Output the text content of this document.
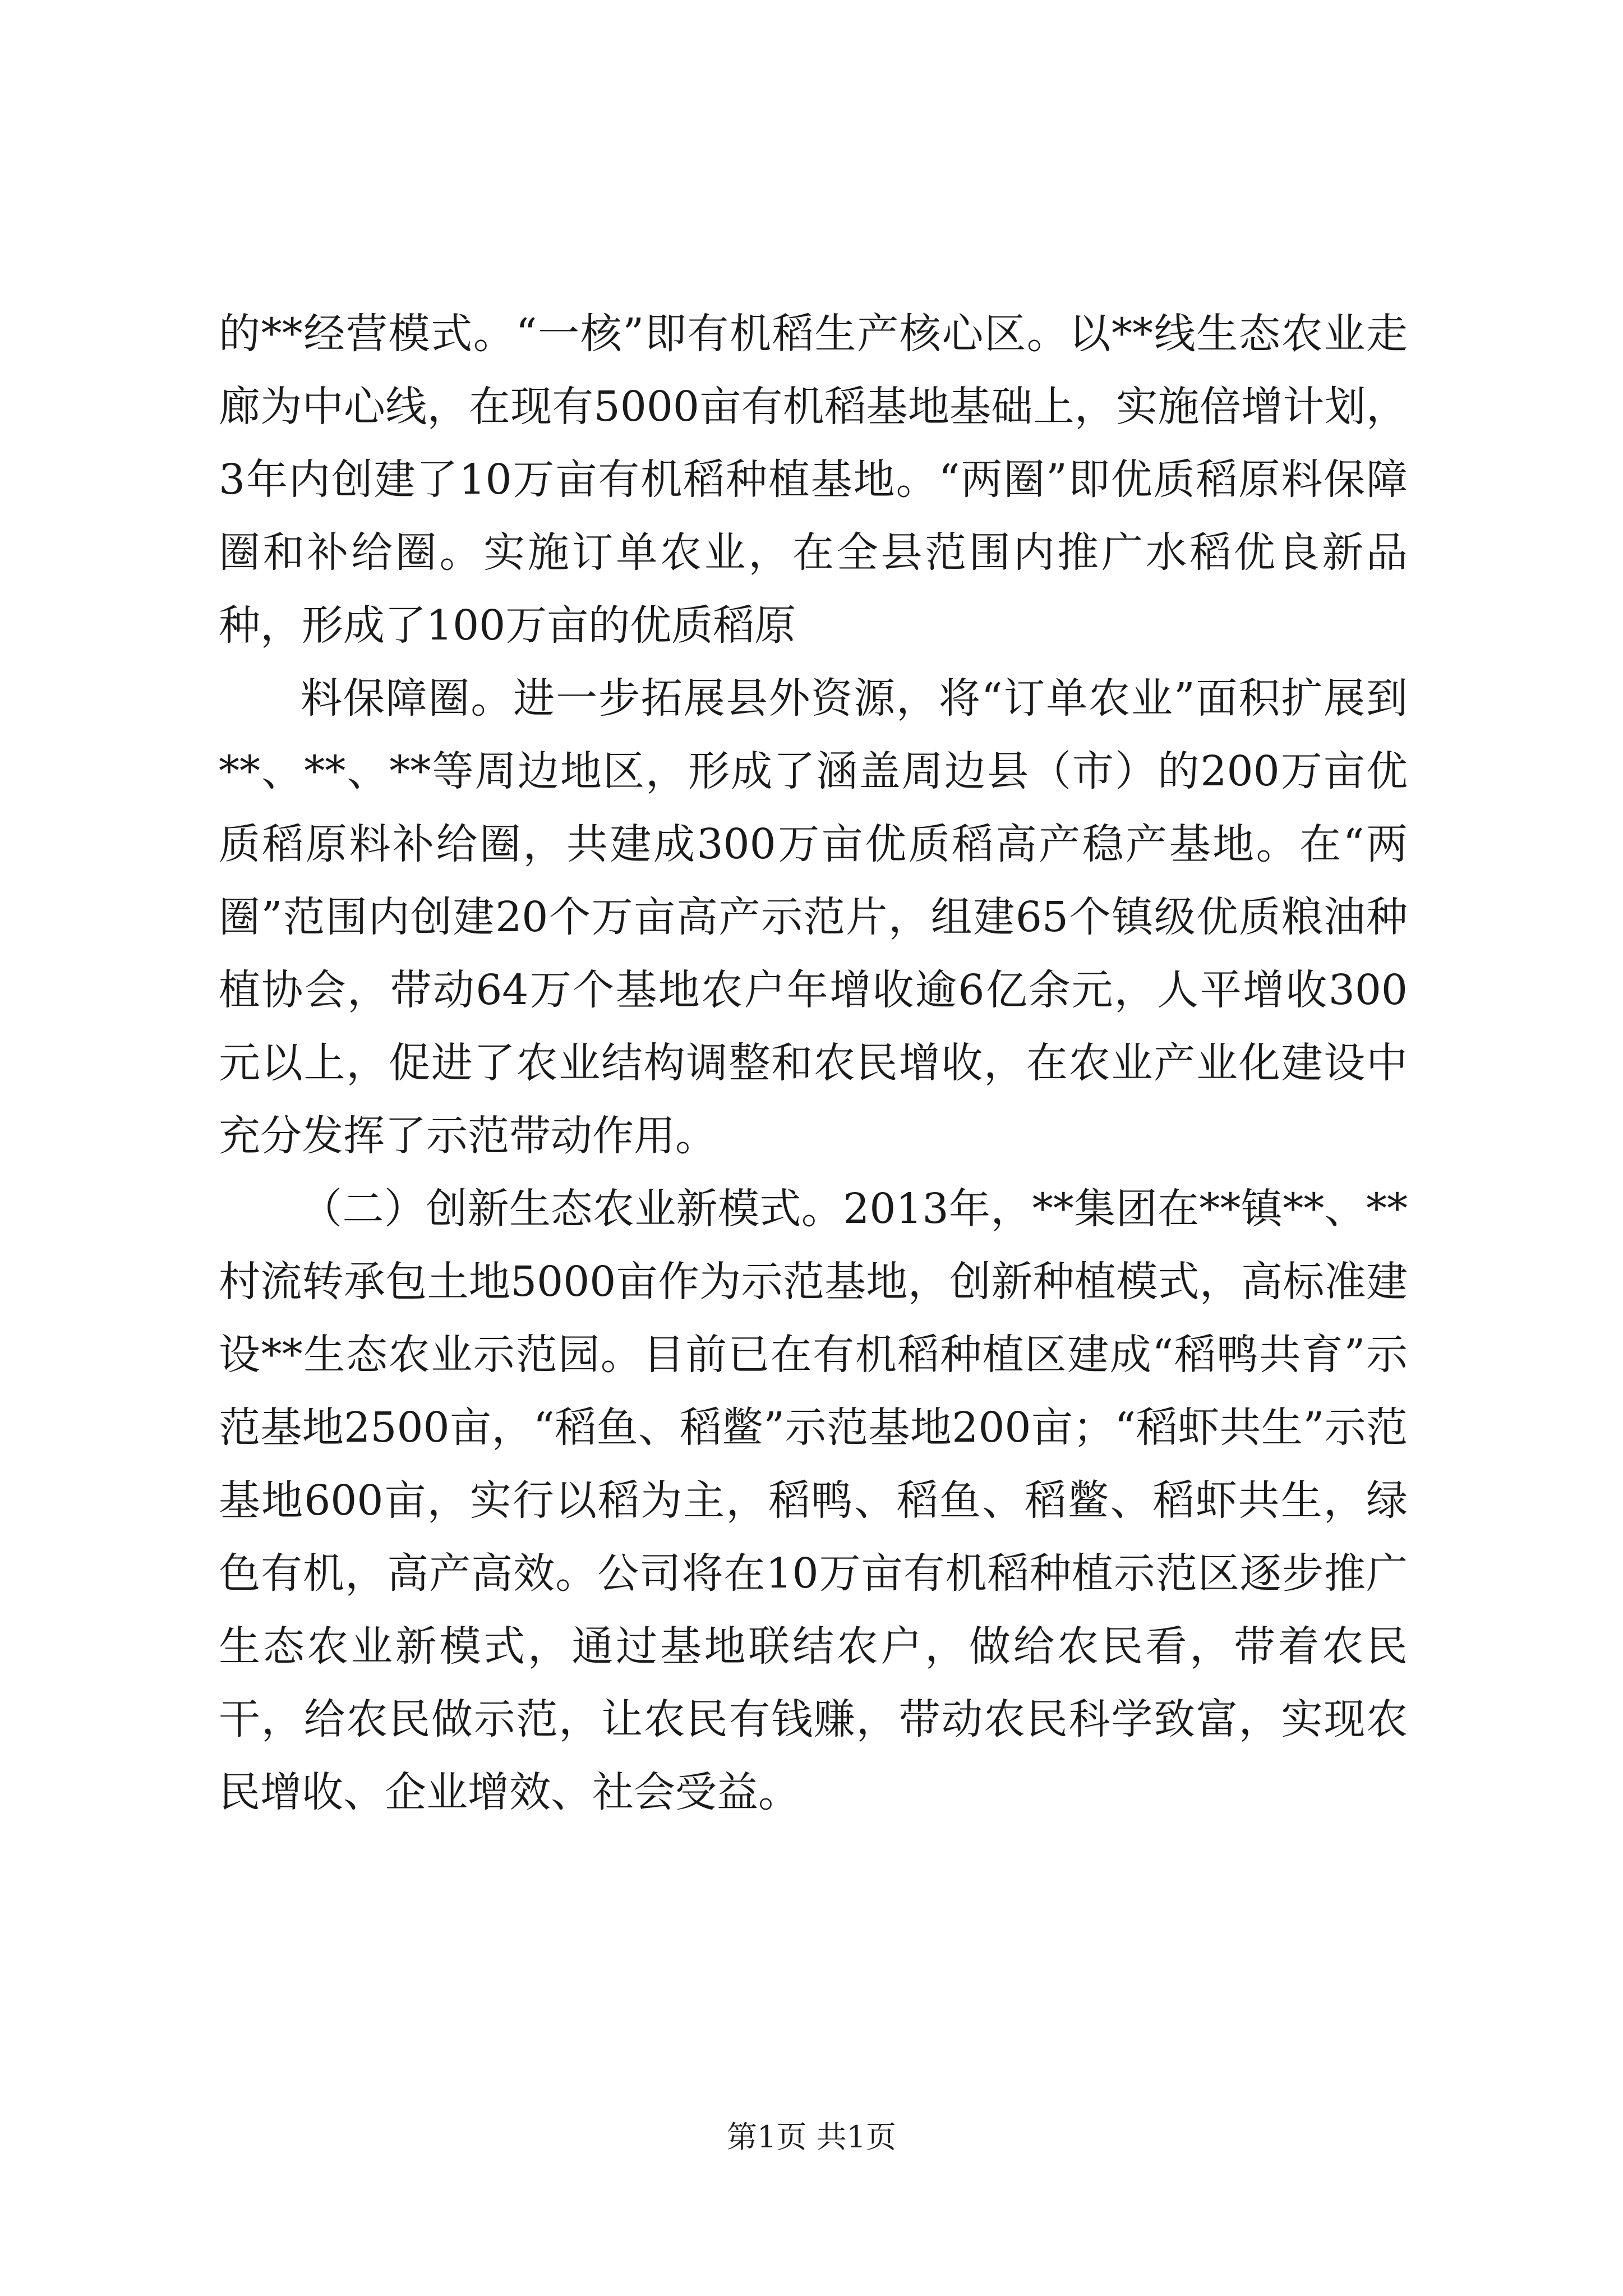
的**经营模式。“一核”即有机稻生产核心区。以**线生态农业走廊为中心线，在现有5000亩有机稻基地基础上，实施倍增计划，3年内创建了10万亩有机稻种植基地。“两圈”即优质稻原料保障圈和补给圈。实施订单农业，在全县范围内推广水稻优良新品种，形成了100万亩的优质稻原

料保障圈。进一步拓展县外资源，将“订单农业”面积扩展到**、**、**等周边地区，形成了涵盖周边县（市）的200万亩优质稻原料补给圈，共建成300万亩优质稻高产稳产基地。在“两圈”范围内创建20个万亩高产示范片，组建65个镇级优质粮油种植协会，带动64万个基地农户年增收逾6亿余元，人平增收300元以上，促进了农业结构调整和农民增收，在农业产业化建设中充分发挥了示范带动作用。

（二）创新生态农业新模式。2013年，**集团在**镇**、**村流转承包土地5000亩作为示范基地，创新种植模式，高标准建设**生态农业示范园。目前已在有机稻种植区建成“稻鸭共育”示范基地2500亩，“稻鱼、稻鳖”示范基地200亩；“稻虾共生”示范基地600亩，实行以稻为主，稻鸭、稻鱼、稻鳖、稻虾共生，绿色有机，高产高效。公司将在10万亩有机稻种植示范区逐步推广生态农业新模式，通过基地联结农户，做给农民看，带着农民干，给农民做示范，让农民有钱赚，带动农民科学致富，实现农民增收、企业增效、社会受益。

第1页 共1页
